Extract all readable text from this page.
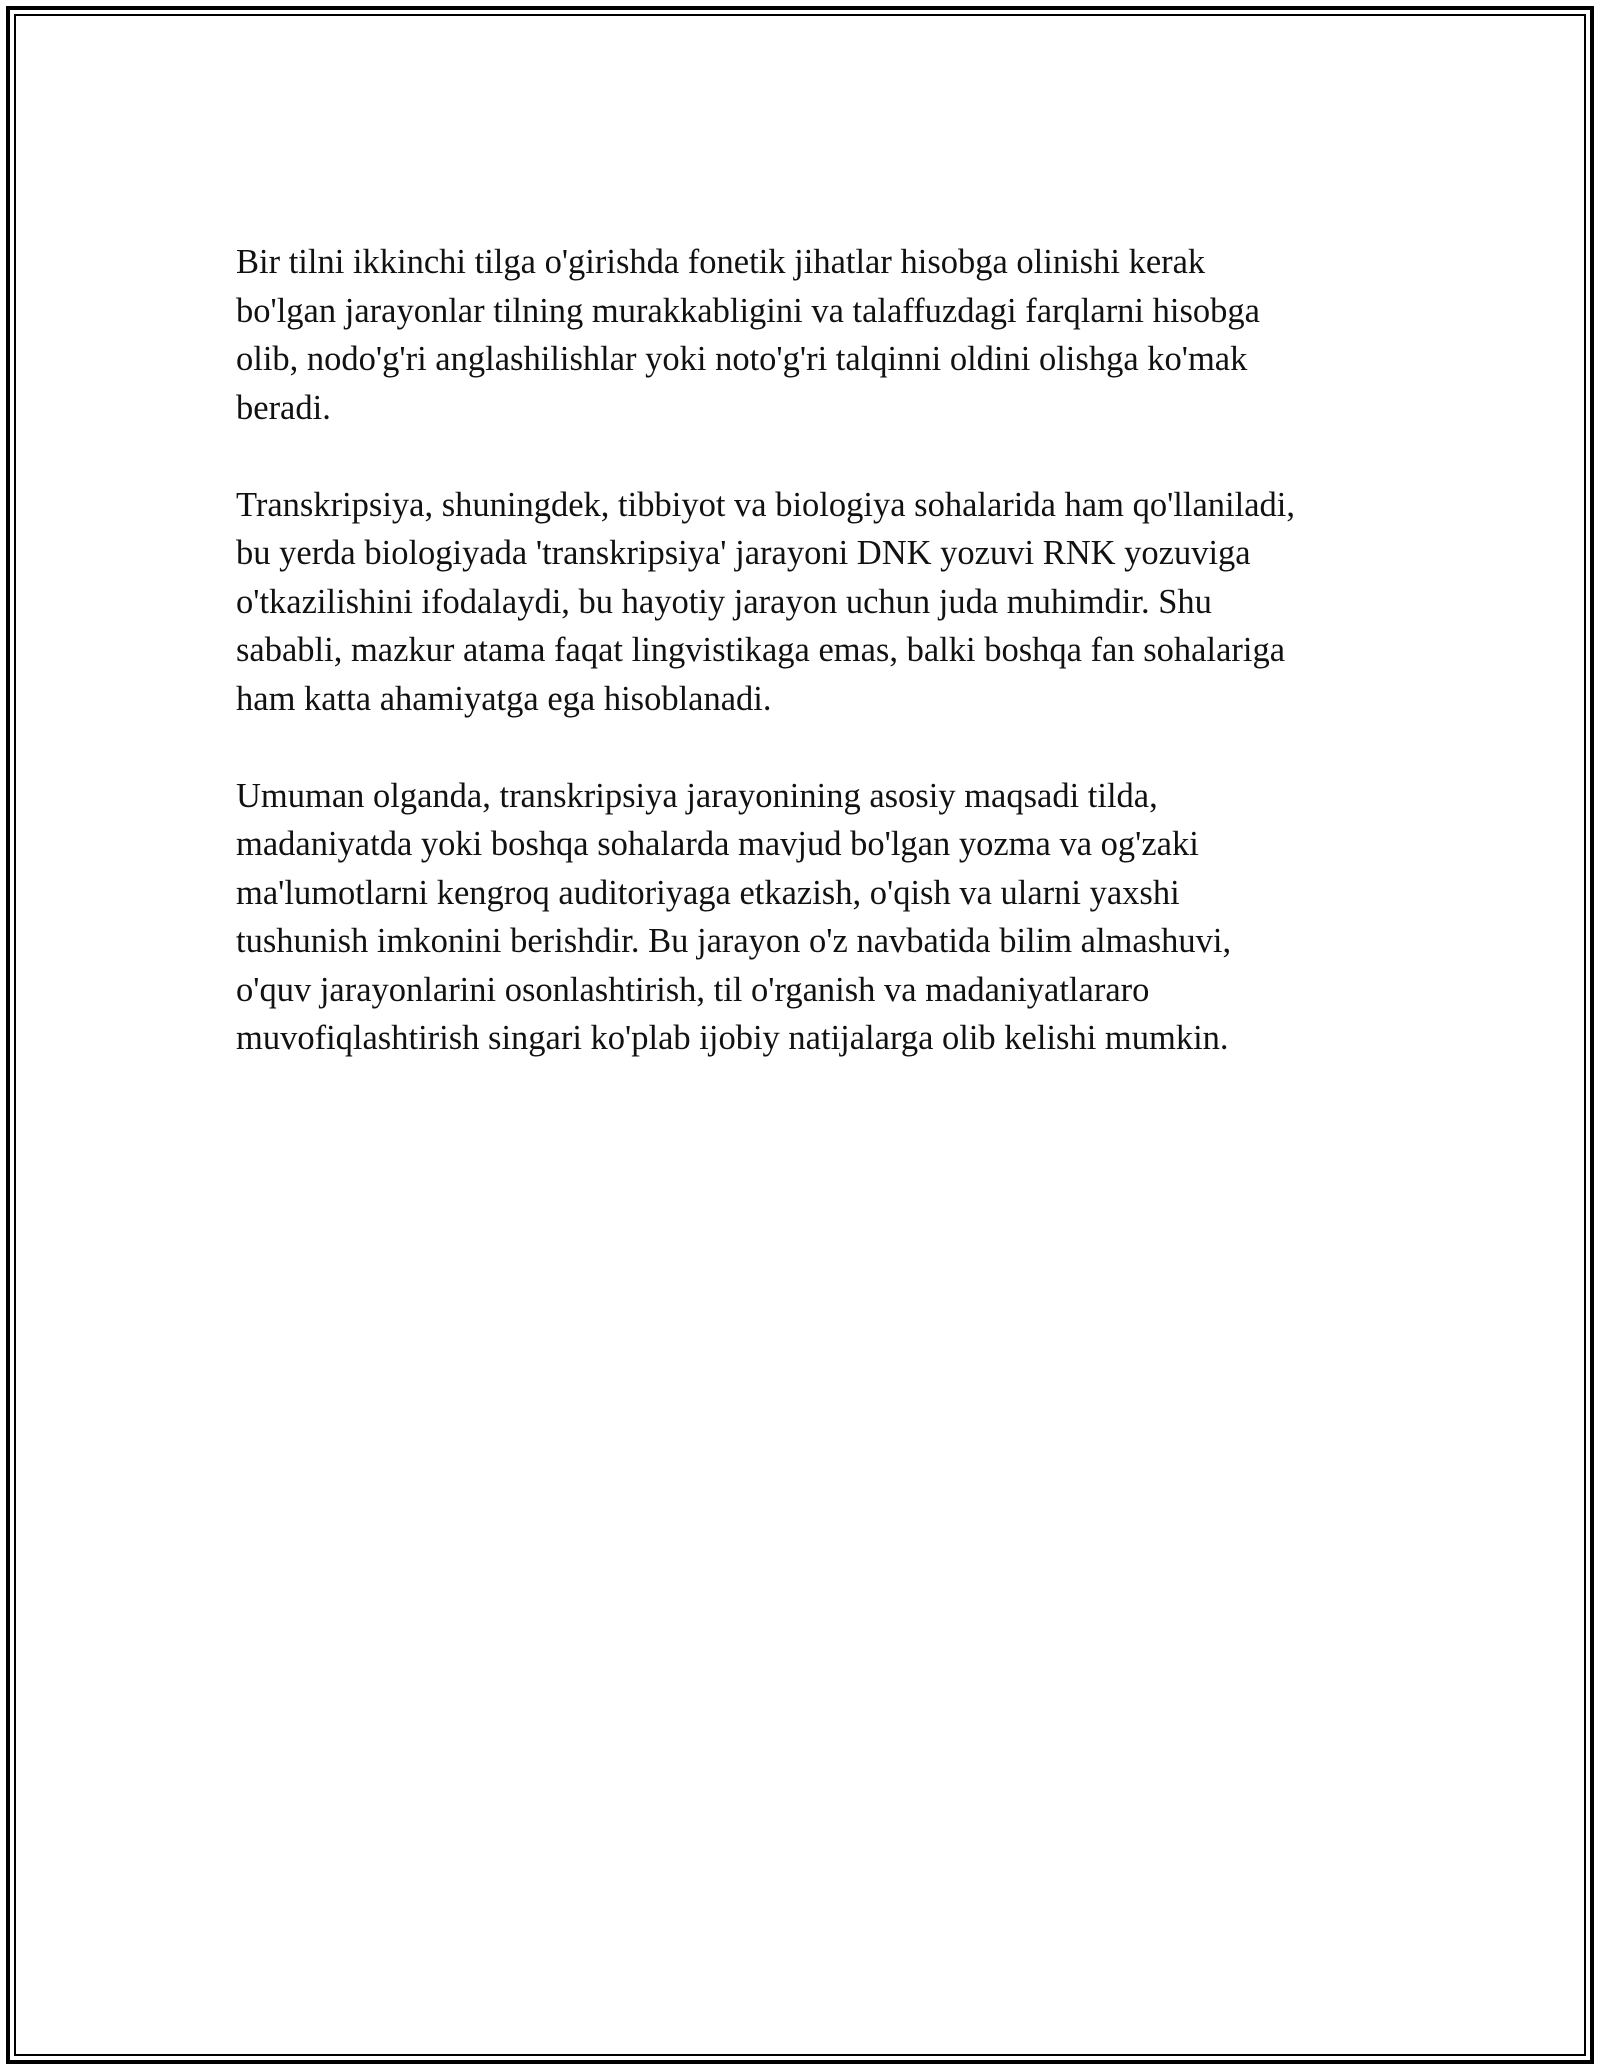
Bir tilni ikkinchi tilga o'girishda fonetik jihatlar hisobga olinishi kerak
bo'lgan jarayonlar tilning murakkabligini va talaffuzdagi farqlarni hisobga
olib, nodo'g'ri anglashilishlar yoki noto'g'ri talqinni oldini olishga ko'mak
beradi.

Transkripsiya, shuningdek, tibbiyot va biologiya sohalarida ham qo'llaniladi,
bu yerda biologiyada 'transkripsiya' jarayoni DNK yozuvi RNK yozuviga
o'tkazilishini ifodalaydi, bu hayotiy jarayon uchun juda muhimdir. Shu
sababli, mazkur atama faqat lingvistikaga emas, balki boshqa fan sohalariga
ham katta ahamiyatga ega hisoblanadi.

Umuman olganda, transkripsiya jarayonining asosiy maqsadi tilda,
madaniyatda yoki boshqa sohalarda mavjud bo'lgan yozma va og'zaki
ma'lumotlarni kengroq auditoriyaga etkazish, o'qish va ularni yaxshi
tushunish imkonini berishdir. Bu jarayon o'z navbatida bilim almashuvi,
o'quv jarayonlarini osonlashtirish, til o'rganish va madaniyatlararo
muvofiqlashtirish singari ko'plab ijobiy natijalarga olib kelishi mumkin.
